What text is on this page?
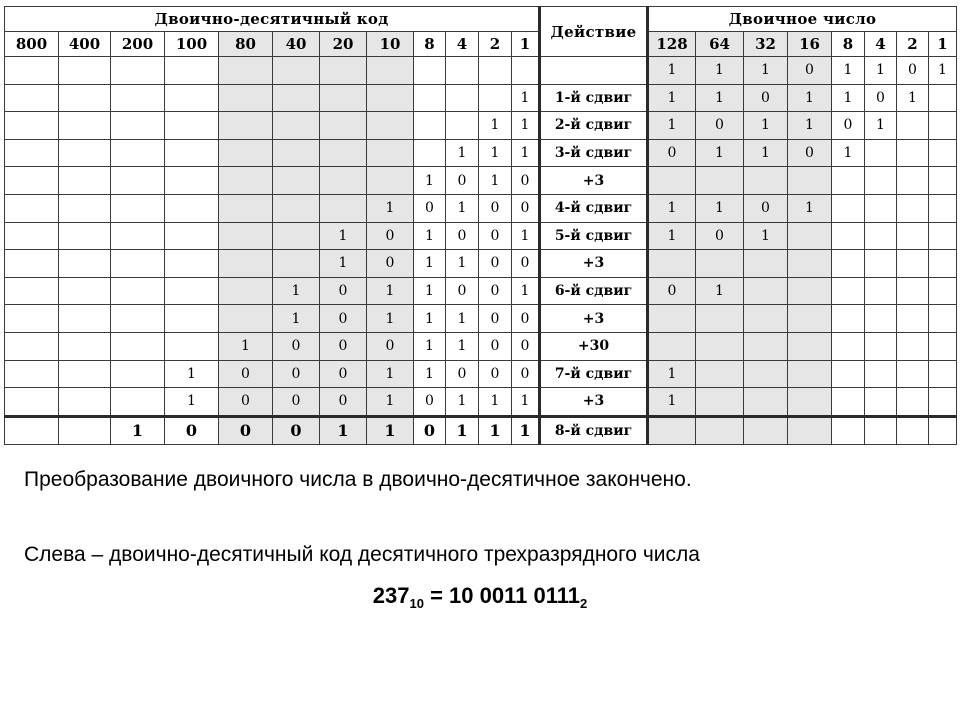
Двоично-десятичный код												Действие	Двоичное число							
800	400	200	100	80	40	20	10	8	4	2	1		128	64	32	16	8	4	2	1
													1	1	1	0	1	1	0	1
											1	1-й сдвиг	1	1	0	1	1	0	1	
										1	1	2-й сдвиг	1	0	1	1	0	1		
									1	1	1	3-й сдвиг	0	1	1	0	1			
								1	0	1	0	+3								
							1	0	1	0	0	4-й сдвиг	1	1	0	1				
						1	0	1	0	0	1	5-й сдвиг	1	0	1					
						1	0	1	1	0	0	+3								
					1	0	1	1	0	0	1	6-й сдвиг	0	1						
					1	0	1	1	1	0	0	+3								
				1	0	0	0	1	1	0	0	+30								
			1	0	0	0	1	1	0	0	0	7-й сдвиг	1							
			1	0	0	0	1	0	1	1	1	+3	1							
		1	0	0	0	1	1	0	1	1	1	8-й сдвиг								

Преобразование двоичного числа в двоично-десятичное закончено.

Слева – двоично-десятичный код десятичного трехразрядного числа

$237_{10} = 10$ 0011 $0111_2$
